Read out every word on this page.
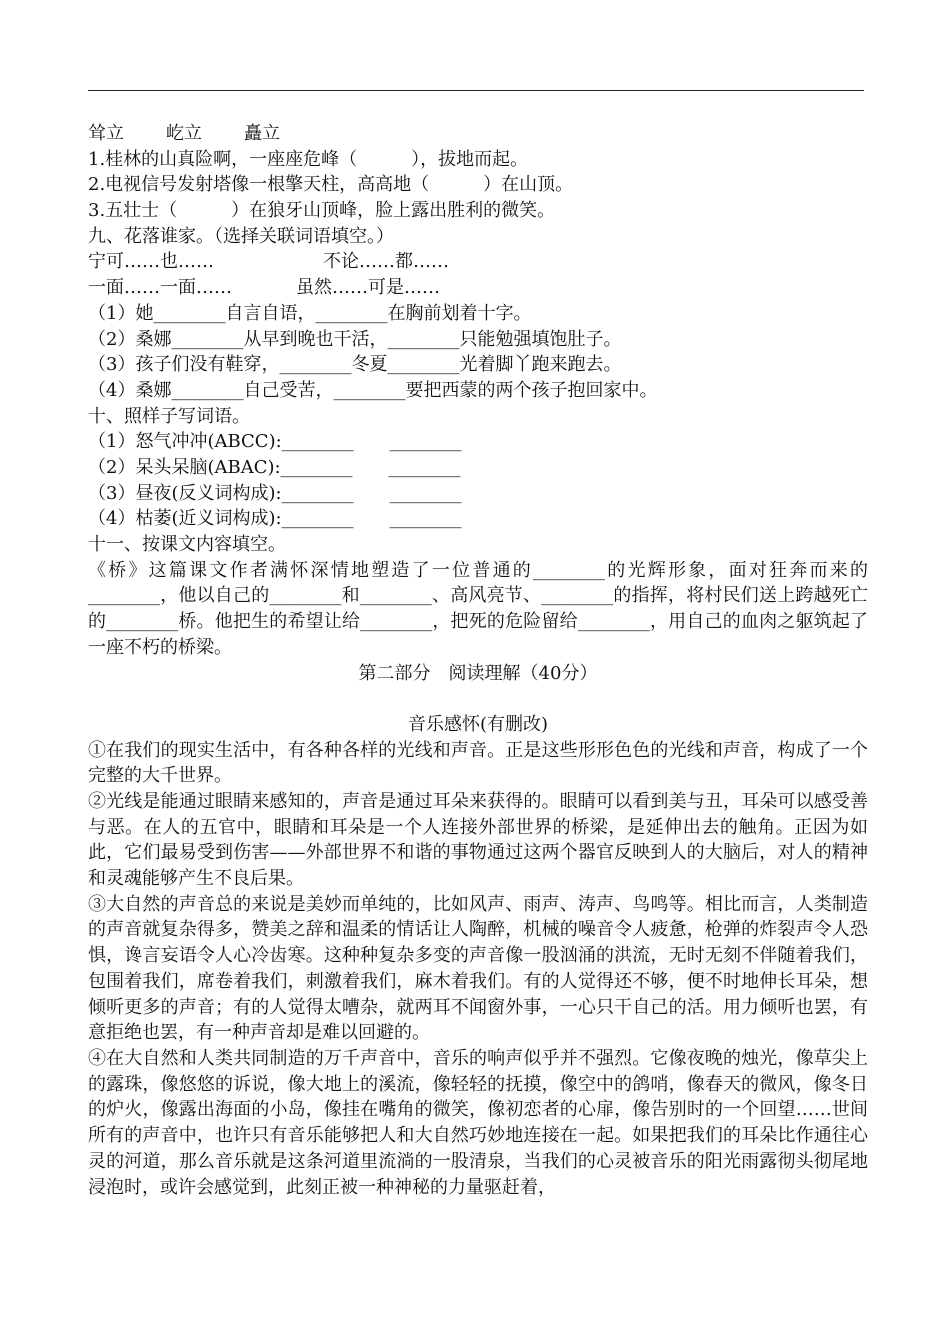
耸立 屹立 矗立
1.桂林的山真险啊，一座座危峰（　　　），拔地而起。
2.电视信号发射塔像一根擎天柱，高高地（　　　）在山顶。
3.五壮士（　　　）在狼牙山顶峰，脸上露出胜利的微笑。
九、花落谁家。（选择关联词语填空。）
宁可……也……	不论……都……
一面……一面……	虽然……可是……
（1）她________自言自语，________在胸前划着十字。
（2）桑娜________从早到晚也干活，________只能勉强填饱肚子。
（3）孩子们没有鞋穿，________冬夏________光着脚丫跑来跑去。
（4）桑娜________自己受苦，________要把西蒙的两个孩子抱回家中。
十、照样子写词语。
（1）怒气冲冲(ABCC):________　　________
（2）呆头呆脑(ABAC):________　　________
（3）昼夜(反义词构成):________　　________
（4）枯萎(近义词构成):________　　________
十一、按课文内容填空。
《桥》这篇课文作者满怀深情地塑造了一位普通的________的光辉形象，面对狂奔而来的________，他以自己的________和________、高风亮节、________的指挥，将村民们送上跨越死亡的________桥。他把生的希望让给________，把死的危险留给________，用自己的血肉之躯筑起了一座不朽的桥梁。
第二部分　阅读理解（40分）
音乐感怀(有删改)
①在我们的现实生活中，有各种各样的光线和声音。正是这些形形色色的光线和声音，构成了一个完整的大千世界。
②光线是能通过眼睛来感知的，声音是通过耳朵来获得的。眼睛可以看到美与丑，耳朵可以感受善与恶。在人的五官中，眼睛和耳朵是一个人连接外部世界的桥梁，是延伸出去的触角。正因为如此，它们最易受到伤害——外部世界不和谐的事物通过这两个器官反映到人的大脑后，对人的精神和灵魂能够产生不良后果。
③大自然的声音总的来说是美妙而单纯的，比如风声、雨声、涛声、鸟鸣等。相比而言，人类制造的声音就复杂得多，赞美之辞和温柔的情话让人陶醉，机械的噪音令人疲惫，枪弹的炸裂声令人恐惧，谗言妄语令人心冷齿寒。这种种复杂多变的声音像一股汹涌的洪流，无时无刻不伴随着我们，包围着我们，席卷着我们，刺激着我们，麻木着我们。有的人觉得还不够，便不时地伸长耳朵，想倾听更多的声音；有的人觉得太嘈杂，就两耳不闻窗外事，一心只干自己的活。用力倾听也罢，有意拒绝也罢，有一种声音却是难以回避的。
④在大自然和人类共同制造的万千声音中，音乐的响声似乎并不强烈。它像夜晚的烛光，像草尖上的露珠，像悠悠的诉说，像大地上的溪流，像轻轻的抚摸，像空中的鸽哨，像春天的微风，像冬日的炉火，像露出海面的小岛，像挂在嘴角的微笑，像初恋者的心扉，像告别时的一个回望……世间所有的声音中，也许只有音乐能够把人和大自然巧妙地连接在一起。如果把我们的耳朵比作通往心灵的河道，那么音乐就是这条河道里流淌的一股清泉，当我们的心灵被音乐的阳光雨露彻头彻尾地浸泡时，或许会感觉到，此刻正被一种神秘的力量驱赶着，
